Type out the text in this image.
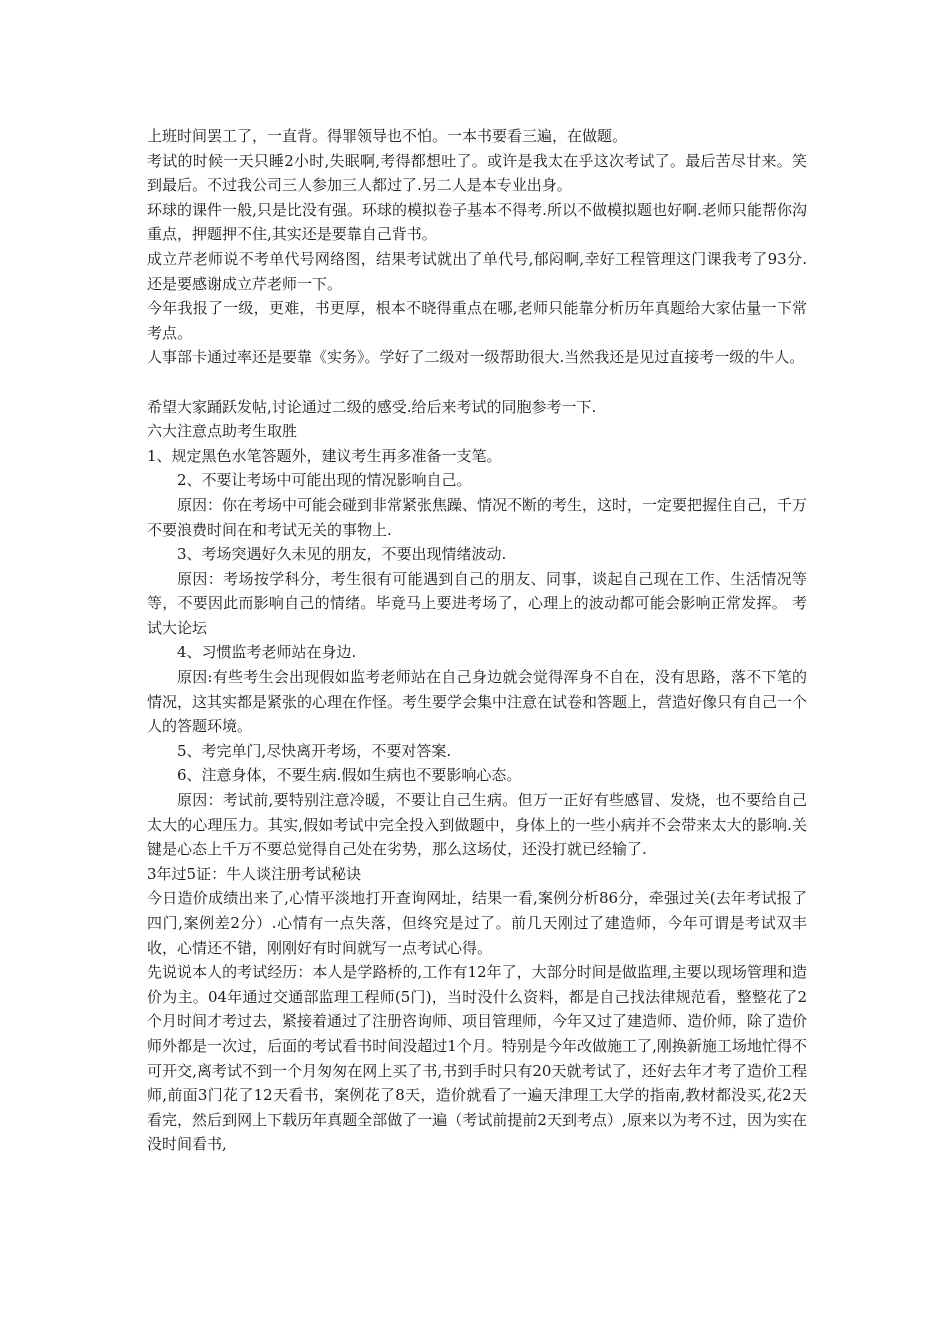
上班时间罢工了，一直背。得罪领导也不怕。一本书要看三遍，在做题。

考试的时候一天只睡2小时,失眠啊,考得都想吐了。或许是我太在乎这次考试了。最后苦尽甘来。笑到最后。不过我公司三人参加三人都过了.另二人是本专业出身。

环球的课件一般,只是比没有强。环球的模拟卷子基本不得考.所以不做模拟题也好啊.老师只能帮你沟重点，押题押不住,其实还是要靠自己背书。

成立芹老师说不考单代号网络图，结果考试就出了单代号,郁闷啊,幸好工程管理这门课我考了93分.还是要感谢成立芹老师一下。

今年我报了一级，更难，书更厚，根本不晓得重点在哪,老师只能靠分析历年真题给大家估量一下常考点。

人事部卡通过率还是要靠《实务》。学好了二级对一级帮助很大.当然我还是见过直接考一级的牛人。

希望大家踊跃发帖,讨论通过二级的感受.给后来考试的同胞参考一下.

六大注意点助考生取胜

1、规定黑色水笔答题外，建议考生再多准备一支笔。

2、不要让考场中可能出现的情况影响自己。

原因：你在考场中可能会碰到非常紧张焦躁、情况不断的考生，这时，一定要把握住自己，千万不要浪费时间在和考试无关的事物上.

3、考场突遇好久未见的朋友，不要出现情绪波动.

原因：考场按学科分，考生很有可能遇到自己的朋友、同事，谈起自己现在工作、生活情况等等，不要因此而影响自己的情绪。毕竟马上要进考场了，心理上的波动都可能会影响正常发挥。 考试大论坛

4、习惯监考老师站在身边.

原因:有些考生会出现假如监考老师站在自己身边就会觉得浑身不自在，没有思路，落不下笔的情况，这其实都是紧张的心理在作怪。考生要学会集中注意在试卷和答题上，营造好像只有自己一个人的答题环境。

5、考完单门,尽快离开考场，不要对答案.

6、注意身体，不要生病.假如生病也不要影响心态。

原因：考试前,要特别注意冷暖，不要让自己生病。但万一正好有些感冒、发烧，也不要给自己太大的心理压力。其实,假如考试中完全投入到做题中，身体上的一些小病并不会带来太大的影响.关键是心态上千万不要总觉得自己处在劣势，那么这场仗，还没打就已经输了.

3年过5证：牛人谈注册考试秘诀

今日造价成绩出来了,心情平淡地打开查询网址，结果一看,案例分析86分，牵强过关(去年考试报了四门,案例差2分）.心情有一点失落，但终究是过了。前几天刚过了建造师，今年可谓是考试双丰收，心情还不错，刚刚好有时间就写一点考试心得。

先说说本人的考试经历：本人是学路桥的,工作有12年了，大部分时间是做监理,主要以现场管理和造价为主。04年通过交通部监理工程师(5门)，当时没什么资料，都是自己找法律规范看，整整花了2个月时间才考过去，紧接着通过了注册咨询师、项目管理师，今年又过了建造师、造价师，除了造价师外都是一次过，后面的考试看书时间没超过1个月。特别是今年改做施工了,刚换新施工场地忙得不可开交,离考试不到一个月匆匆在网上买了书,书到手时只有20天就考试了，还好去年才考了造价工程师,前面3门花了12天看书，案例花了8天，造价就看了一遍天津理工大学的指南,教材都没买,花2天看完，然后到网上下载历年真题全部做了一遍（考试前提前2天到考点）,原来以为考不过，因为实在没时间看书,
